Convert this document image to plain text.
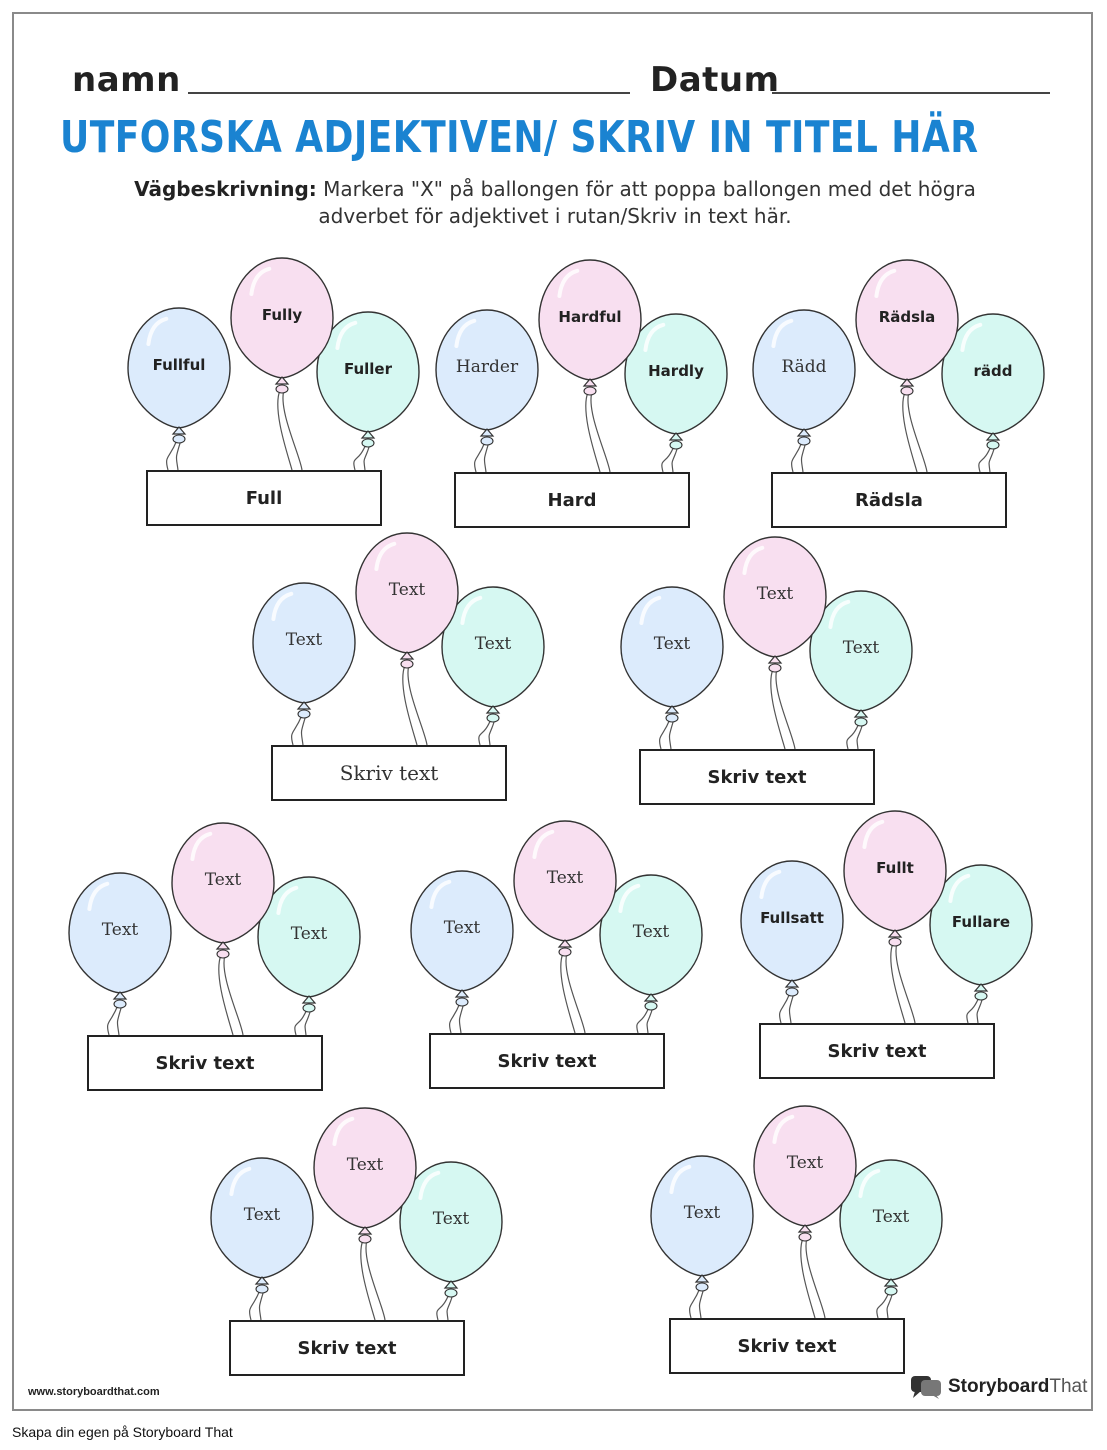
namn	Datum
UTFORSKA ADJEKTIVEN/ SKRIV IN TITEL HÄR
Vägbeskrivning: Markera "X" på ballongen för att poppa ballongen med det högra adverbet för adjektivet i rutan/Skriv in text här.
Fullful
Fully
Fuller
Full
Harder
Hardful
Hardly
Hard
Rädd
Rädsla
rädd
Rädsla
Text
Text
Text
Skriv text
Text
Text
Text
Skriv text
Text
Text
Text
Skriv text
Text
Text
Text
Skriv text
Fullsatt
Fullt
Fullare
Skriv text
Text
Text
Text
Skriv text
Text
Text
Text
Skriv text
www.storyboardthat.com	StoryboardThat
Skapa din egen på Storyboard That
